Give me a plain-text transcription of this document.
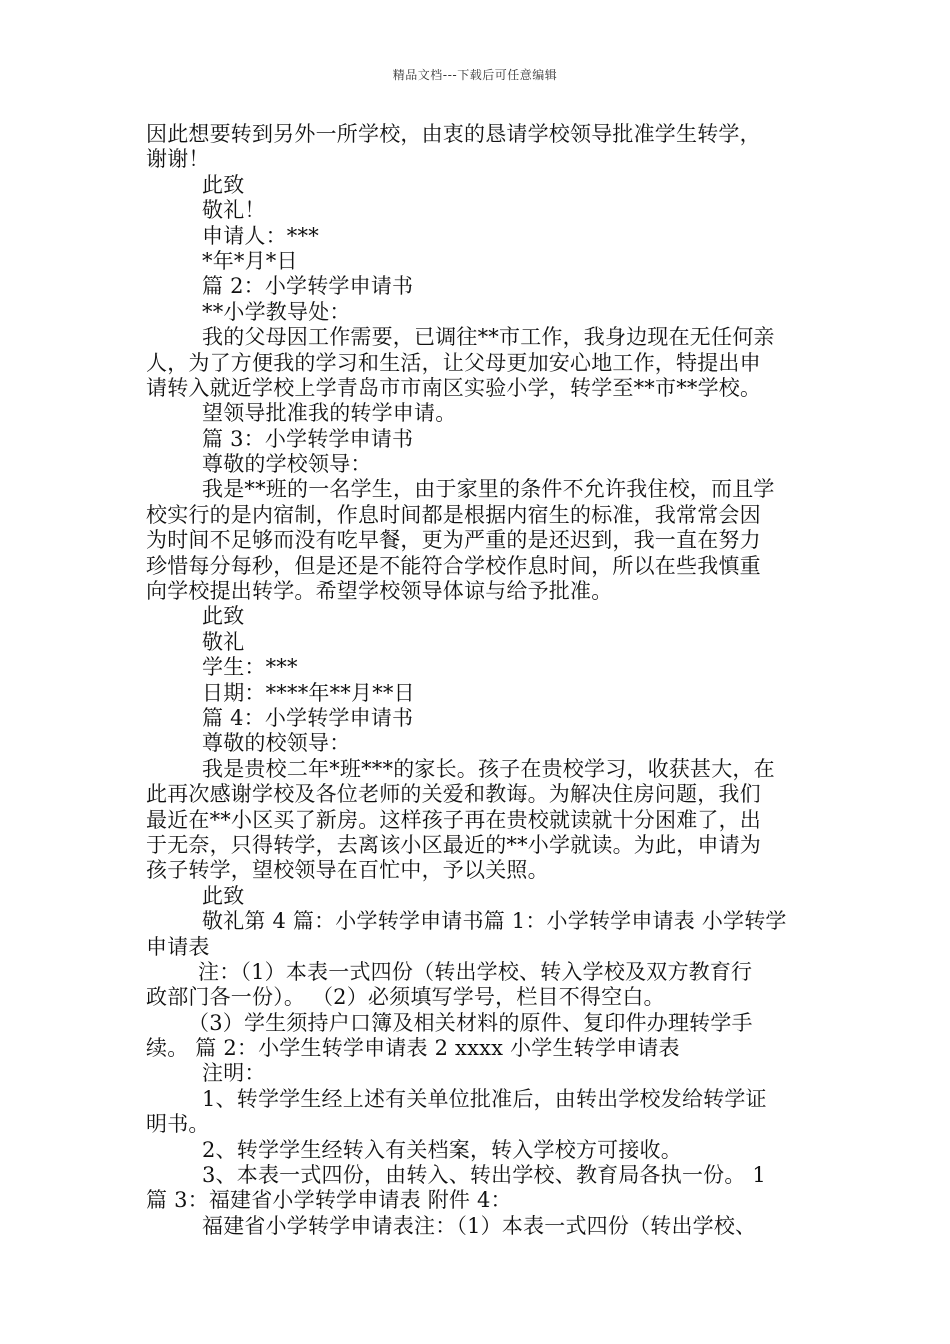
精品文档---下载后可任意编辑
因此想要转到另外一所学校，由衷的恳请学校领导批准学生转学，
谢谢！
此致
敬礼！
申请人：***
*年*月*日
篇 2：小学转学申请书
**小学教导处：
我的父母因工作需要，已调往**市工作，我身边现在无任何亲
人，为了方便我的学习和生活，让父母更加安心地工作，特提出申
请转入就近学校上学青岛市市南区实验小学，转学至**市**学校。
望领导批准我的转学申请。
篇 3：小学转学申请书
尊敬的学校领导：
我是**班的一名学生，由于家里的条件不允许我住校，而且学
校实行的是内宿制，作息时间都是根据内宿生的标准，我常常会因
为时间不足够而没有吃早餐，更为严重的是还迟到，我一直在努力
珍惜每分每秒，但是还是不能符合学校作息时间，所以在些我慎重
向学校提出转学。希望学校领导体谅与给予批准。
此致
敬礼
学生：***
日期：****年**月**日
篇 4：小学转学申请书
尊敬的校领导：
我是贵校二年*班***的家长。孩子在贵校学习，收获甚大，在
此再次感谢学校及各位老师的关爱和教诲。为解决住房问题，我们
最近在**小区买了新房。这样孩子再在贵校就读就十分困难了，出
于无奈，只得转学，去离该小区最近的**小学就读。为此，申请为
孩子转学，望校领导在百忙中，予以关照。
此致
敬礼第 4 篇：小学转学申请书篇 1：小学转学申请表 小学转学
申请表
注：（1）本表一式四份（转出学校、转入学校及双方教育行
政部门各一份）。 （2）必须填写学号，栏目不得空白。
（3）学生须持户口簿及相关材料的原件、复印件办理转学手
续。 篇 2：小学生转学申请表 2 xxxx 小学生转学申请表
注明：
1、转学学生经上述有关单位批准后，由转出学校发给转学证
明书。
2、转学学生经转入有关档案，转入学校方可接收。
3、本表一式四份，由转入、转出学校、教育局各执一份。 1
篇 3：福建省小学转学申请表 附件 4：
福建省小学转学申请表注：（1）本表一式四份（转出学校、
